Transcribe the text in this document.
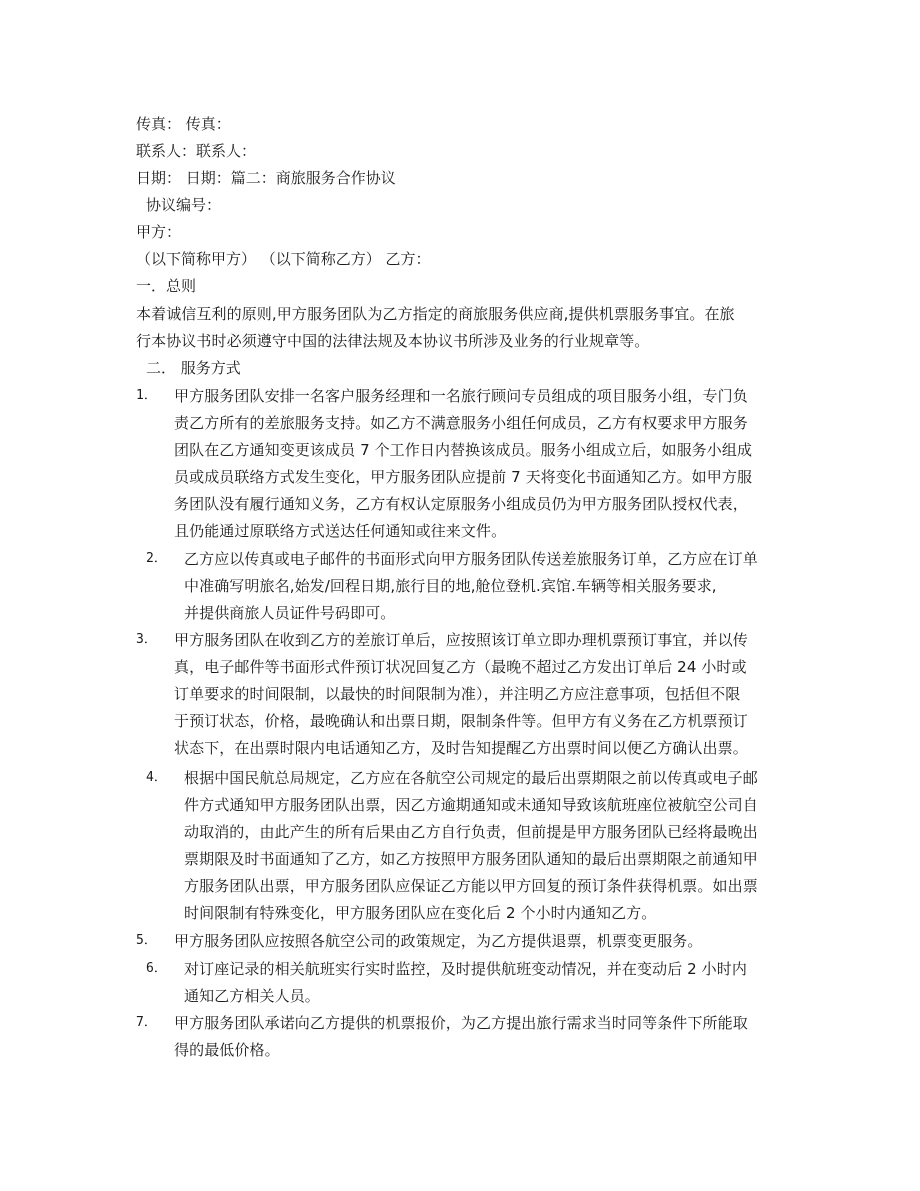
传真： 传真：
联系人：联系人：
日期： 日期：篇二：商旅服务合作协议
协议编号：
甲方：
（以下简称甲方） （以下简称乙方） 乙方：
一．总则
本着诚信互利的原则,甲方服务团队为乙方指定的商旅服务供应商,提供机票服务事宜。在旅
行本协议书时必须遵守中国的法律法规及本协议书所涉及业务的行业规章等。
二． 服务方式
1． 甲方服务团队安排一名客户服务经理和一名旅行顾问专员组成的项目服务小组，专门负
责乙方所有的差旅服务支持。如乙方不满意服务小组任何成员，乙方有权要求甲方服务
团队在乙方通知变更该成员 7 个工作日内替换该成员。服务小组成立后，如服务小组成
员或成员联络方式发生变化，甲方服务团队应提前 7 天将变化书面通知乙方。如甲方服
务团队没有履行通知义务，乙方有权认定原服务小组成员仍为甲方服务团队授权代表，
且仍能通过原联络方式送达任何通知或往来文件。
2． 乙方应以传真或电子邮件的书面形式向甲方服务团队传送差旅服务订单，乙方应在订单
中准确写明旅名,始发/回程日期,旅行目的地,舱位登机.宾馆.车辆等相关服务要求,
并提供商旅人员证件号码即可。
3． 甲方服务团队在收到乙方的差旅订单后，应按照该订单立即办理机票预订事宜，并以传
真，电子邮件等书面形式件预订状况回复乙方（最晚不超过乙方发出订单后 24 小时或
订单要求的时间限制，以最快的时间限制为准），并注明乙方应注意事项，包括但不限
于预订状态，价格，最晚确认和出票日期，限制条件等。但甲方有义务在乙方机票预订
状态下，在出票时限内电话通知乙方，及时告知提醒乙方出票时间以便乙方确认出票。
4． 根据中国民航总局规定，乙方应在各航空公司规定的最后出票期限之前以传真或电子邮
件方式通知甲方服务团队出票，因乙方逾期通知或未通知导致该航班座位被航空公司自
动取消的，由此产生的所有后果由乙方自行负责，但前提是甲方服务团队已经将最晚出
票期限及时书面通知了乙方，如乙方按照甲方服务团队通知的最后出票期限之前通知甲
方服务团队出票，甲方服务团队应保证乙方能以甲方回复的预订条件获得机票。如出票
时间限制有特殊变化，甲方服务团队应在变化后 2 个小时内通知乙方。
5． 甲方服务团队应按照各航空公司的政策规定，为乙方提供退票，机票变更服务。
6． 对订座记录的相关航班实行实时监控，及时提供航班变动情况，并在变动后 2 小时内
通知乙方相关人员。
7． 甲方服务团队承诺向乙方提供的机票报价，为乙方提出旅行需求当时同等条件下所能取
得的最低价格。
